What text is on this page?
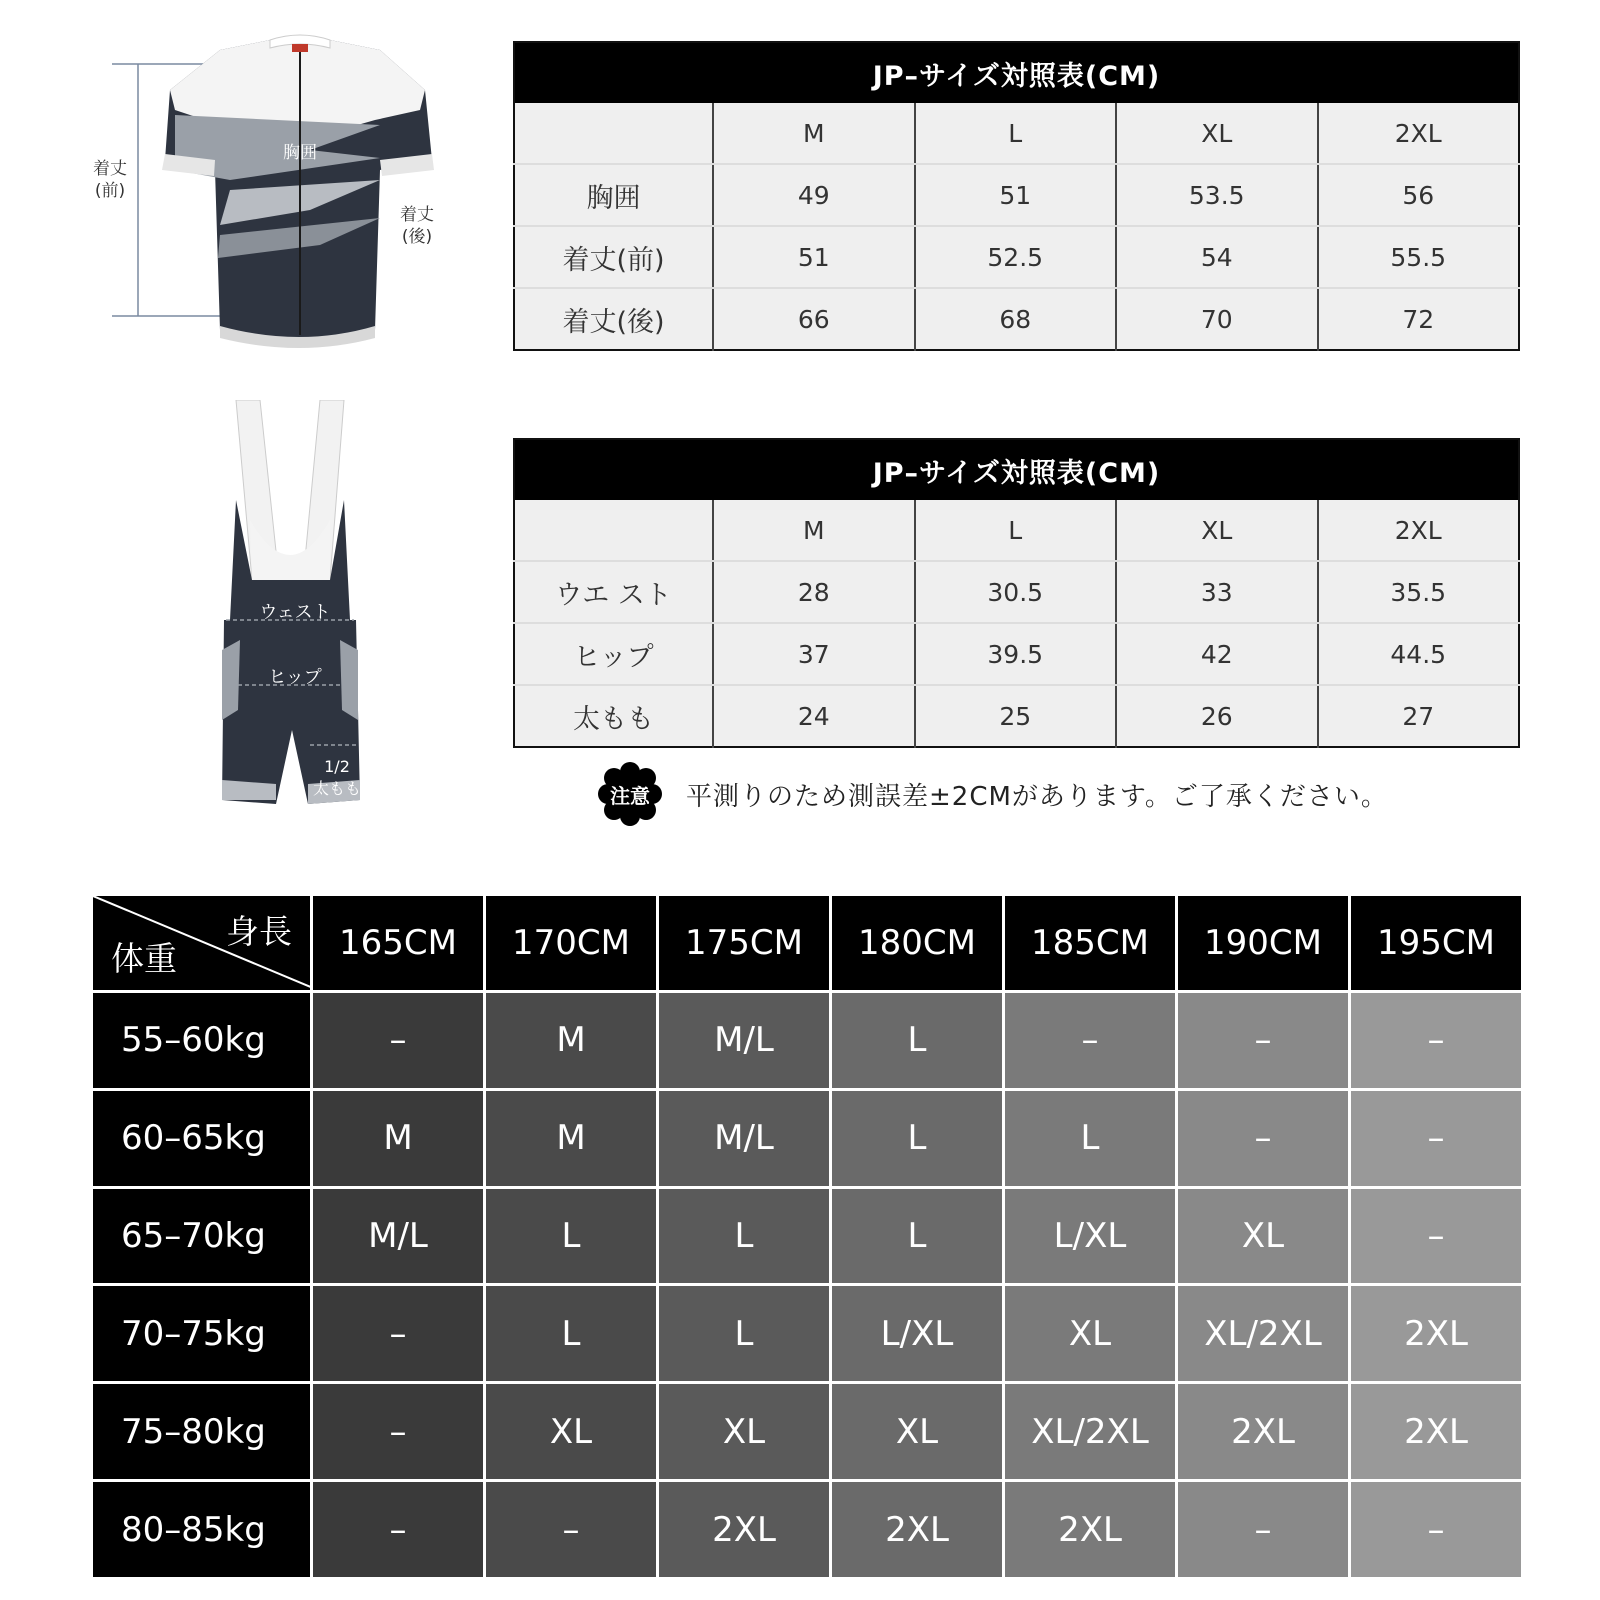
着丈
(前)
着丈
(後)
胸囲
ウェスト
ヒップ
1/2
太もも
JP–サイズ対照表(CM)				
	M	L	XL	2XL
胸囲	49	51	53.5	56
着丈(前)	51	52.5	54	55.5
着丈(後)	66	68	70	72
JP–サイズ対照表(CM)				
	M	L	XL	2XL
ウエ スト	28	30.5	33	35.5
ヒップ	37	39.5	42	44.5
太もも	24	25	26	27
注意	平測りのため測誤差±2CMがあります。ご了承ください。
身長
体重	165CM	170CM	175CM	180CM	185CM	190CM	195CM
55–60kg	–	M	M/L	L	–	–	–
60–65kg	M	M	M/L	L	L	–	–
65–70kg	M/L	L	L	L	L/XL	XL	–
70–75kg	–	L	L	L/XL	XL	XL/2XL	2XL
75–80kg	–	XL	XL	XL	XL/2XL	2XL	2XL
80–85kg	–	–	2XL	2XL	2XL	–	–
